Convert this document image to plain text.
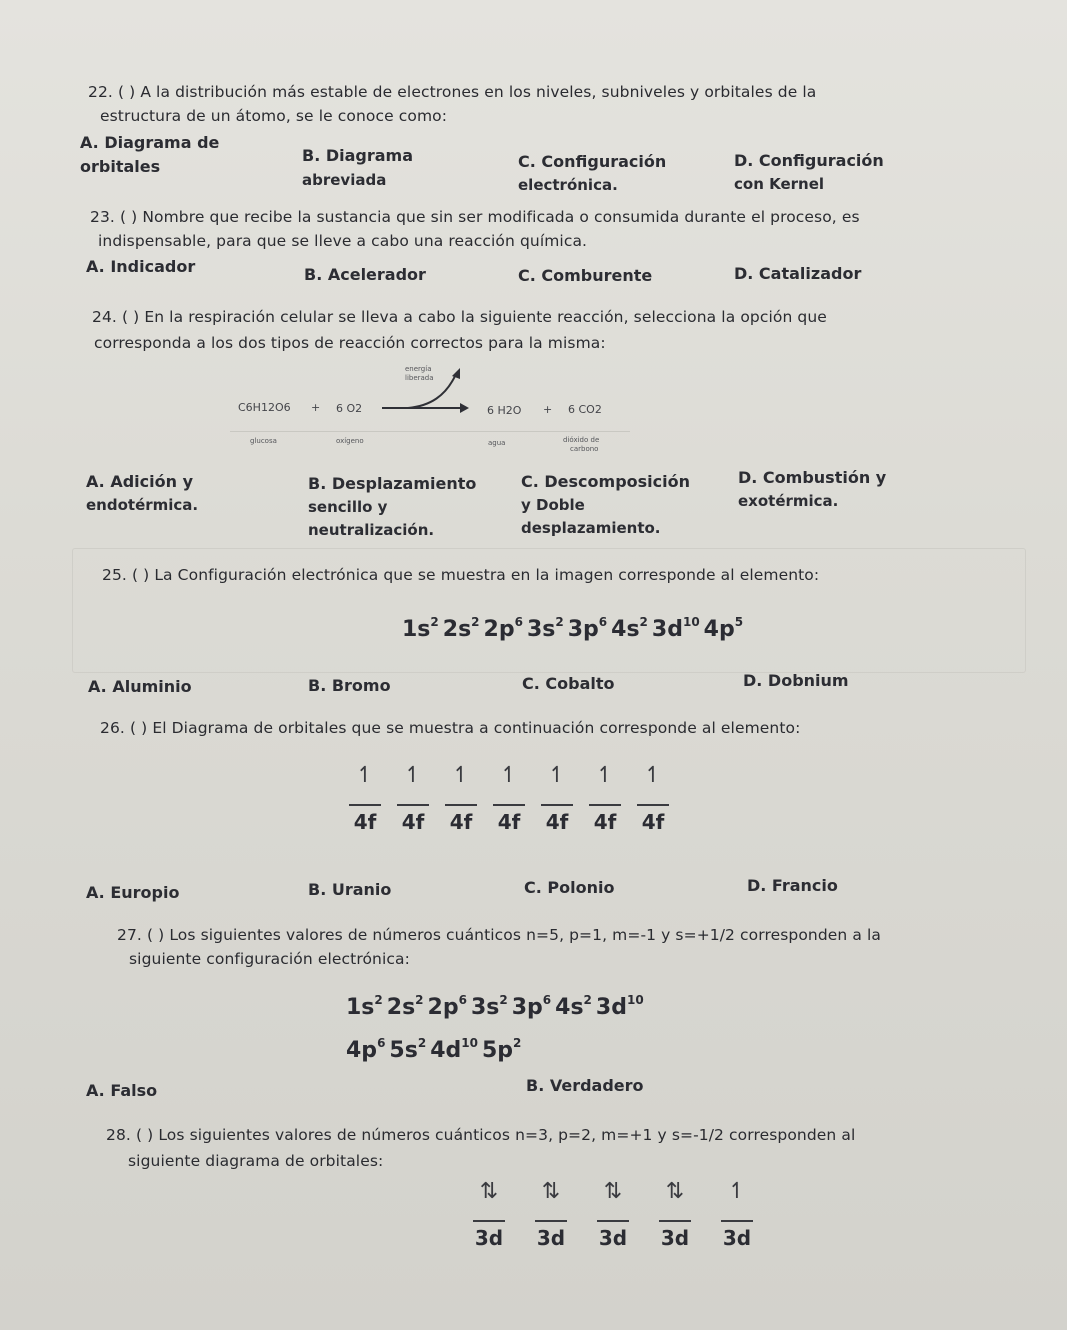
22. ( ) A la distribución más estable de electrones en los niveles, subniveles y orbitales de la
estructura de un átomo, se le conoce como:
A. Diagrama de
orbitales
B. Diagrama
abreviada
C. Configuración
electrónica.
D. Configuración
con Kernel
23. ( ) Nombre que recibe la sustancia que sin ser modificada o consumida durante el proceso, es
indispensable, para que se lleve a cabo una reacción química.
A. Indicador	B. Acelerador	C. Comburente	D. Catalizador
24. ( ) En la respiración celular se lleva a cabo la siguiente reacción, selecciona la opción que
corresponda a los dos tipos de reacción correctos para la misma:
energía
liberada
C6H12O6 + 6 O2	6 H2O + 6 CO2
glucosa	oxígeno	agua	dióxido de
carbono
A. Adición y
endotérmica.
B. Desplazamiento
sencillo y
neutralización.
C. Descomposición
y Doble
desplazamiento.
D. Combustión y
exotérmica.
25. ( ) La Configuración electrónica que se muestra en la imagen corresponde al elemento:
$1s^2$ $2s^2$ $2p^6$ $3s^2$ $3p^6$ $4s^2$ $3d^{10}$ $4p^5$
A. Aluminio	B. Bromo	C. Cobalto	D. Dobnium
26. ( ) El Diagrama de orbitales que se muestra a continuación corresponde al elemento:
↿
4f
↿
4f
↿
4f
↿
4f
↿
4f
↿
4f
↿
4f
A. Europio	B. Uranio	C. Polonio	D. Francio
27. ( ) Los siguientes valores de números cuánticos n=5, p=1, m=-1 y s=+1/2 corresponden a la
siguiente configuración electrónica:
$1s^2$ $2s^2$ $2p^6$ $3s^2$ $3p^6$ $4s^2$ $3d^{10}$
$4p^6$ $5s^2$ $4d^{10}$ $5p^2$
A. Falso	B. Verdadero
28. ( ) Los siguientes valores de números cuánticos n=3, p=2, m=+1 y s=-1/2 corresponden al
siguiente diagrama de orbitales:
⇅
3d
⇅
3d
⇅
3d
⇅
3d
↿
3d
